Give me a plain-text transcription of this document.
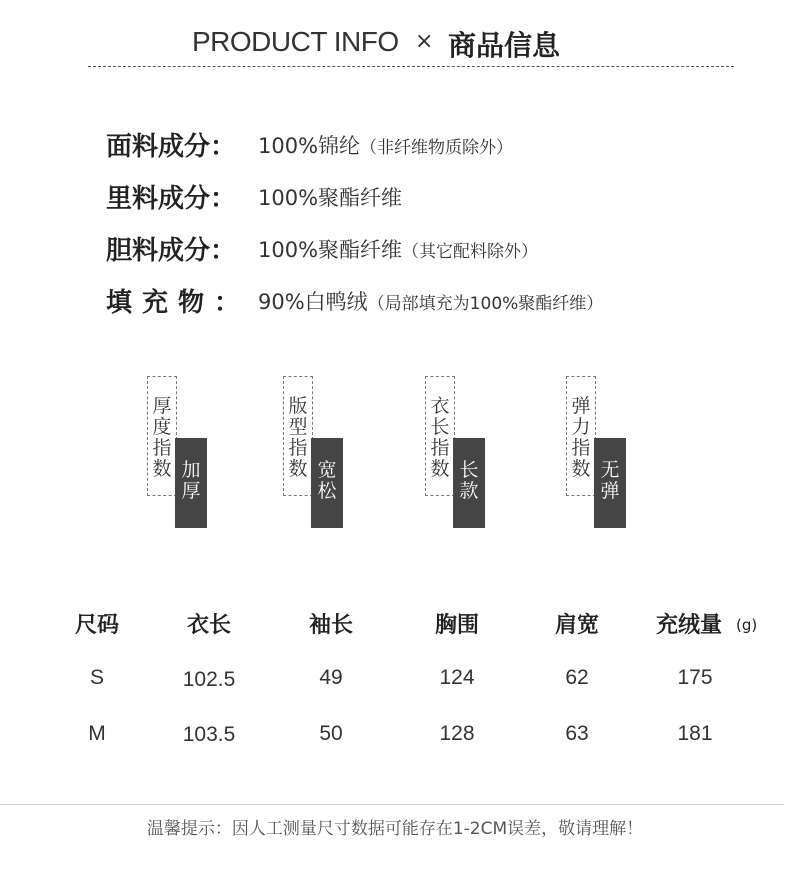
PRODUCT INFO × 商品信息
面料成分： 100%锦纶（非纤维物质除外）
里料成分： 100%聚酯纤维
胆料成分： 100%聚酯纤维（其它配料除外）
填充物： 90%白鸭绒（局部填充为100%聚酯纤维）
厚度指数 加厚
版型指数 宽松
衣长指数 长款
弹力指数 无弹
尺码	衣长	袖长	胸围	肩宽	充绒量 (g)
S	102.5	49	124	62	175
M	103.5	50	128	63	181
温馨提示：因人工测量尺寸数据可能存在1-2CM误差，敬请理解！
